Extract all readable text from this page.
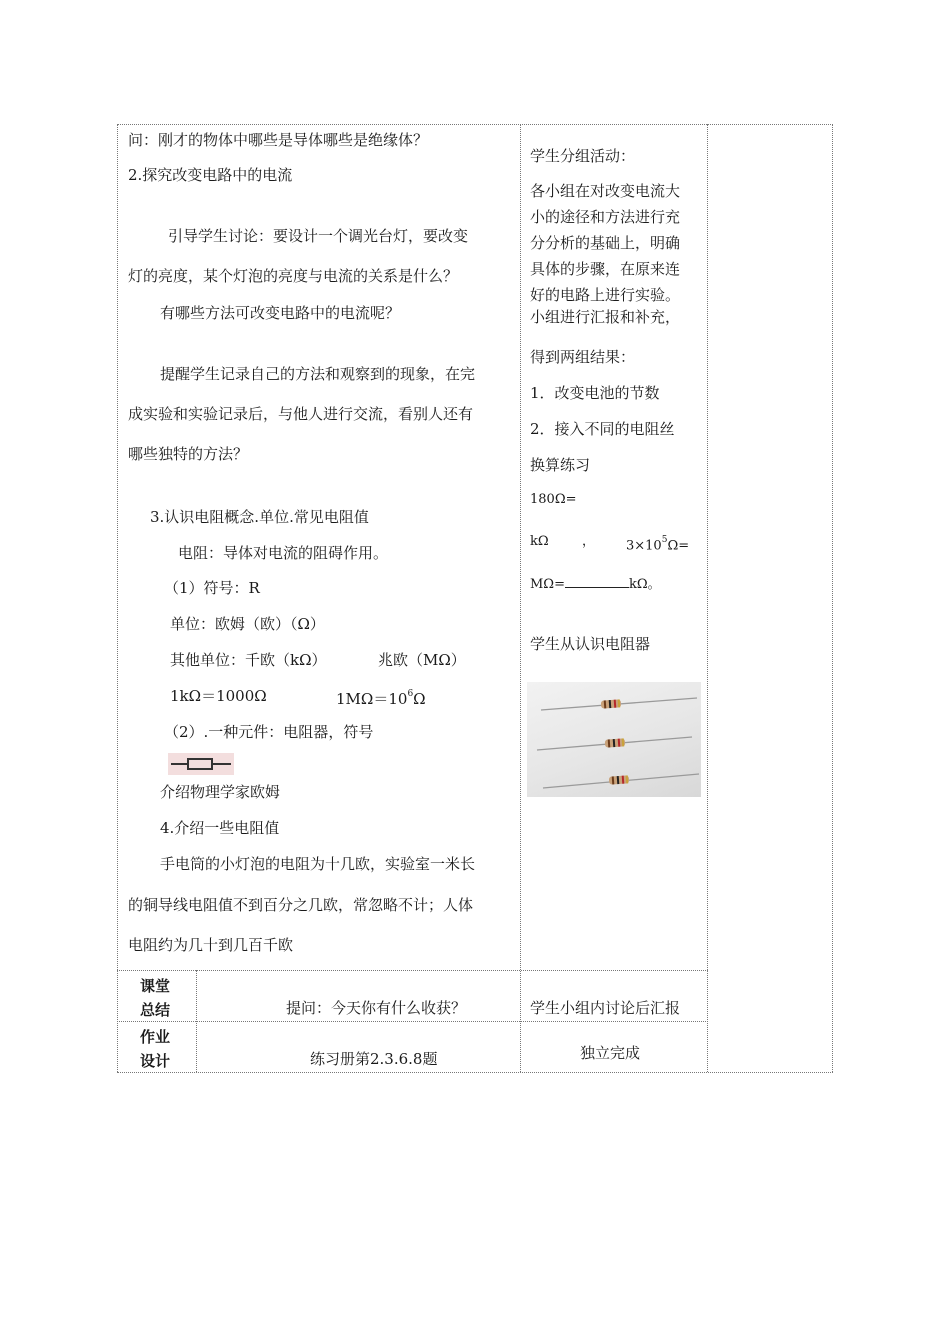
问：刚才的物体中哪些是导体哪些是绝缘体？
2.探究改变电路中的电流
引导学生讨论：要设计一个调光台灯，要改变
灯的亮度，某个灯泡的亮度与电流的关系是什么？
有哪些方法可改变电路中的电流呢？
提醒学生记录自己的方法和观察到的现象，在完
成实验和实验记录后，与他人进行交流，看别人还有
哪些独特的方法？
3.认识电阻概念.单位.常见电阻值
电阻：导体对电流的阻碍作用。
（1）符号：R
单位：欧姆（欧）（Ω）
其他单位：千欧（kΩ）	兆欧（MΩ）
1kΩ＝1000Ω	$1M\Omega=10^6\Omega$
（2）.一种元件：电阻器，符号
介绍物理学家欧姆
4.介绍一些电阻值
手电筒的小灯泡的电阻为十几欧，实验室一米长
的铜导线电阻值不到百分之几欧，常忽略不计；人体
电阻约为几十到几百千欧
学生分组活动：
各小组在对改变电流大
小的途径和方法进行充
分分析的基础上，明确
具体的步骤，在原来连
好的电路上进行实验。
小组进行汇报和补充，
得到两组结果：
1．改变电池的节数
2．接入不同的电阻丝
换算练习
180Ω=
kΩ	， $3\times 10^5\Omega=$
MΩ=	kΩ。
学生从认识电阻器
课堂
总结	提问：今天你有什么收获？	学生小组内讨论后汇报
作业
设计	练习册第2.3.6.8题	独立完成
